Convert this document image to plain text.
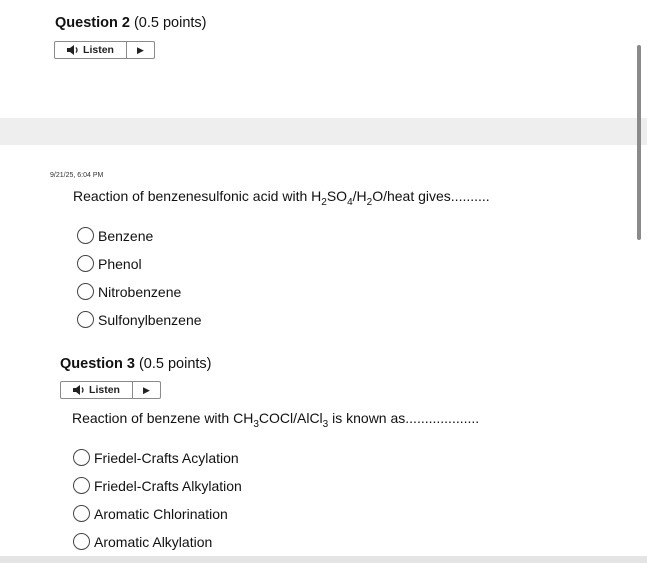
Question 2 (0.5 points)
Listen	▶
9/21/25, 6:04 PM
Reaction of benzenesulfonic acid with $H_2SO_4/H_2O$/heat gives..........
Benzene
Phenol
Nitrobenzene
Sulfonylbenzene
Question 3 (0.5 points)
Listen	▶
Reaction of benzene with $CH_3COCl/AlCl_3$ is known as...................
Friedel-Crafts Acylation
Friedel-Crafts Alkylation
Aromatic Chlorination
Aromatic Alkylation
